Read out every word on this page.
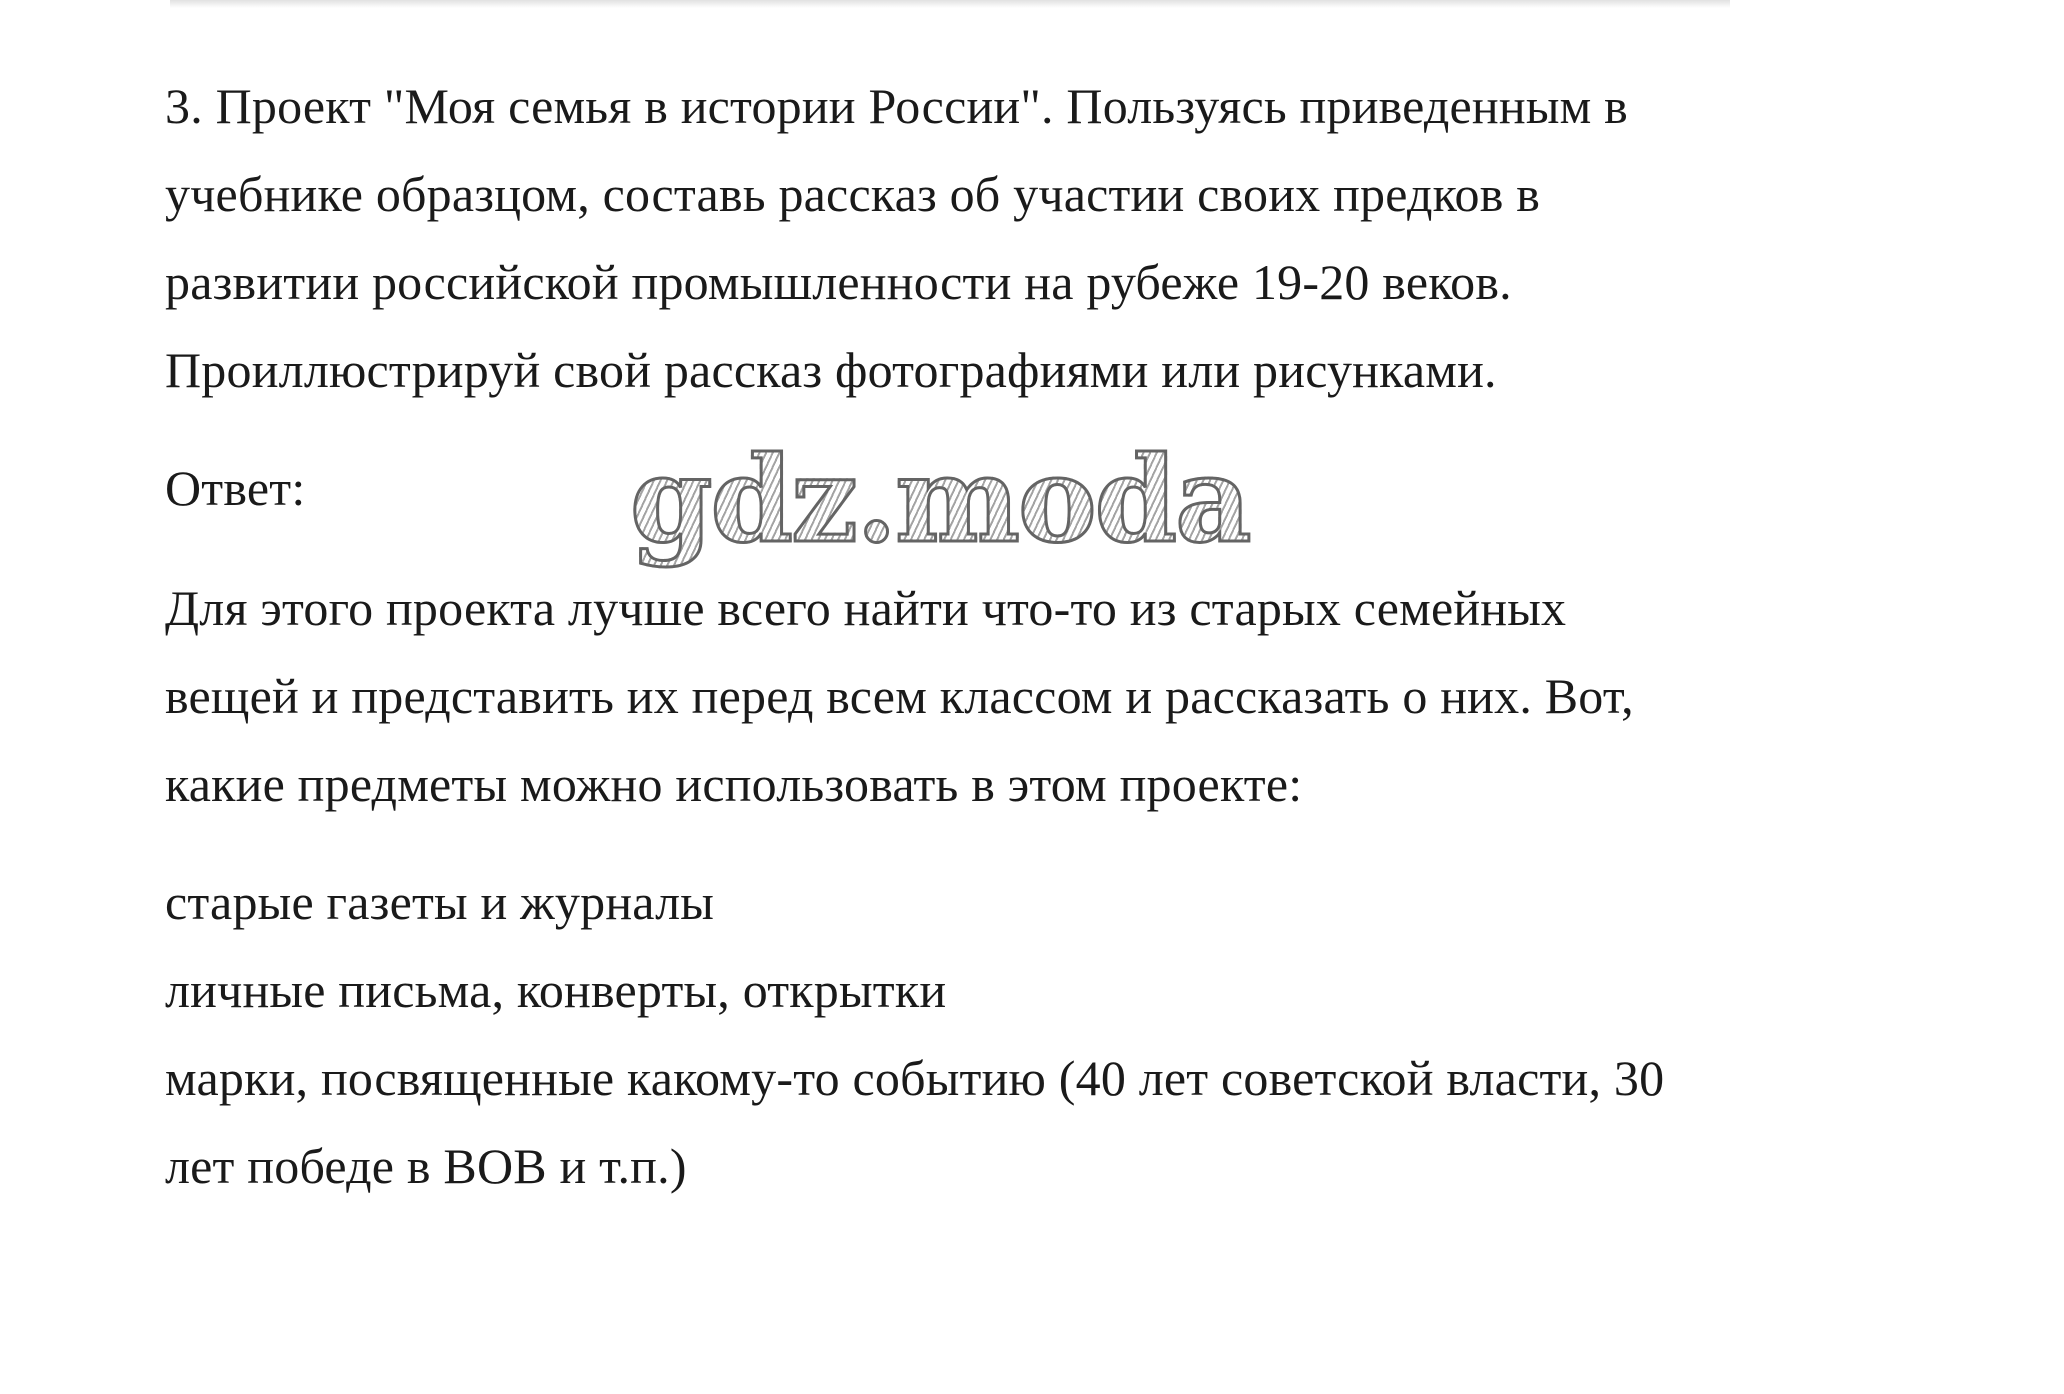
3. Проект "Моя семья в истории России". Пользуясь приведенным в
учебнике образцом, составь рассказ об участии своих предков в
развитии российской промышленности на рубеже 19-20 веков.
Проиллюстрируй свой рассказ фотографиями или рисунками.

Ответ:

Для этого проекта лучше всего найти что-то из старых семейных
вещей и представить их перед всем классом и рассказать о них. Вот,
какие предметы можно использовать в этом проекте:

старые газеты и журналы
личные письма, конверты, открытки
марки, посвященные какому-то событию (40 лет советской власти, 30
лет победе в ВОВ и т.п.)

gdz.moda
